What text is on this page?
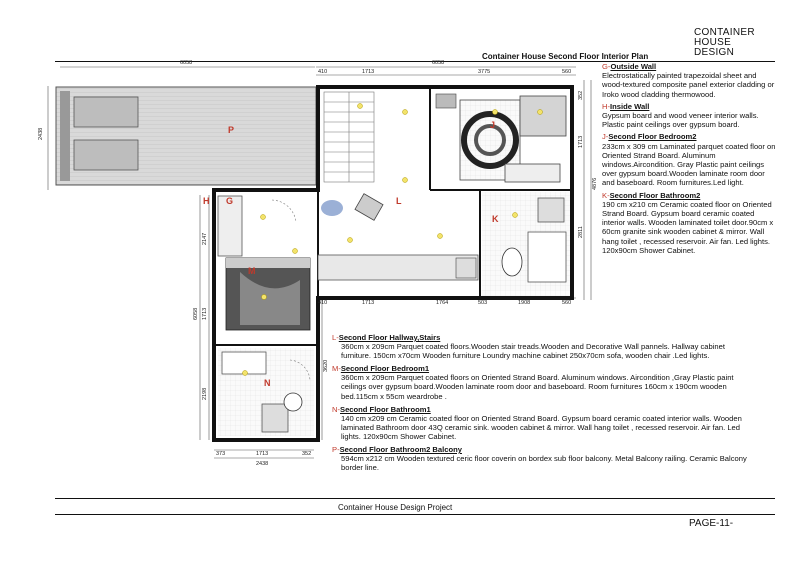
CONTAINER
HOUSE
DESIGN
Container House Second Floor Interior Plan
P
G
H	L
J
K
M
N
6058	6058
410	1713	3775	560
2438
352
1713
4876
2811
2147
6058 1713
2198
3620
410	1713	1764	503	1908	560
373	1713	352
2438
G-Outside Wall
Electrostatically painted trapezoidal sheet and wood-textured composite panel exterior cladding or Iroko wood cladding thermowood.
H-Inside Wall
Gypsum board and wood veneer interior walls. Plastic paint ceilings over gypsum board.
J-Second Floor Bedroom2
233cm x 309 cm Laminated parquet coated floor on Oriented Strand Board. Aluminum windows.Aircondition. Gray Plastic paint ceilings over gypsum board.Wooden laminate room door and baseboard. Room furnitures.Led light.
K-Second Floor Bathroom2
190 cm x210 cm Ceramic coated floor on Oriented Strand Board. Gypsum board ceramic coated interior walls. Wooden laminated toilet door.90cm x 60cm granite sink wooden cabinet & mirror. Wall hang toilet , recessed reservoir. Air fan. Led lights. 120x90cm Shower Cabinet.
L-Second Floor Hallway,Stairs
360cm x 209cm Parquet coated floors.Wooden stair treads.Wooden and Decorative Wall pannels. Hallway cabinet furniture. 150cm x70cm Wooden furniture Loundry machine cabinet 250x70cm sofa, wooden chair .Led lights.
M-Second Floor Bedroom1
360cm x 209cm Parquet coated floors on Oriented Strand Board. Aluminum windows. Aircondition ,Gray Plastic paint ceilings over gypsum board.Wooden laminate room door and baseboard. Room furnitures 160cm x 190cm wooden bed.115cm x 55cm weardrobe .
N-Second Floor Bathroom1
140 cm x209 cm Ceramic coated floor on Oriented Strand Board. Gypsum board ceramic coated interior walls. Wooden laminated Bathroom door 43Q ceramic sink. wooden cabinet & mirror. Wall hang toilet , recessed reservoir. Air fan. Led lights. 120x90cm Shower Cabinet.
P-Second Floor Bathroom2 Balcony
594cm x212 cm Wooden textured ceric floor coverin on bordex sub floor balcony. Metal Balcony railing. Ceramic Balcony border line.
Container House Design Project
PAGE-11-
